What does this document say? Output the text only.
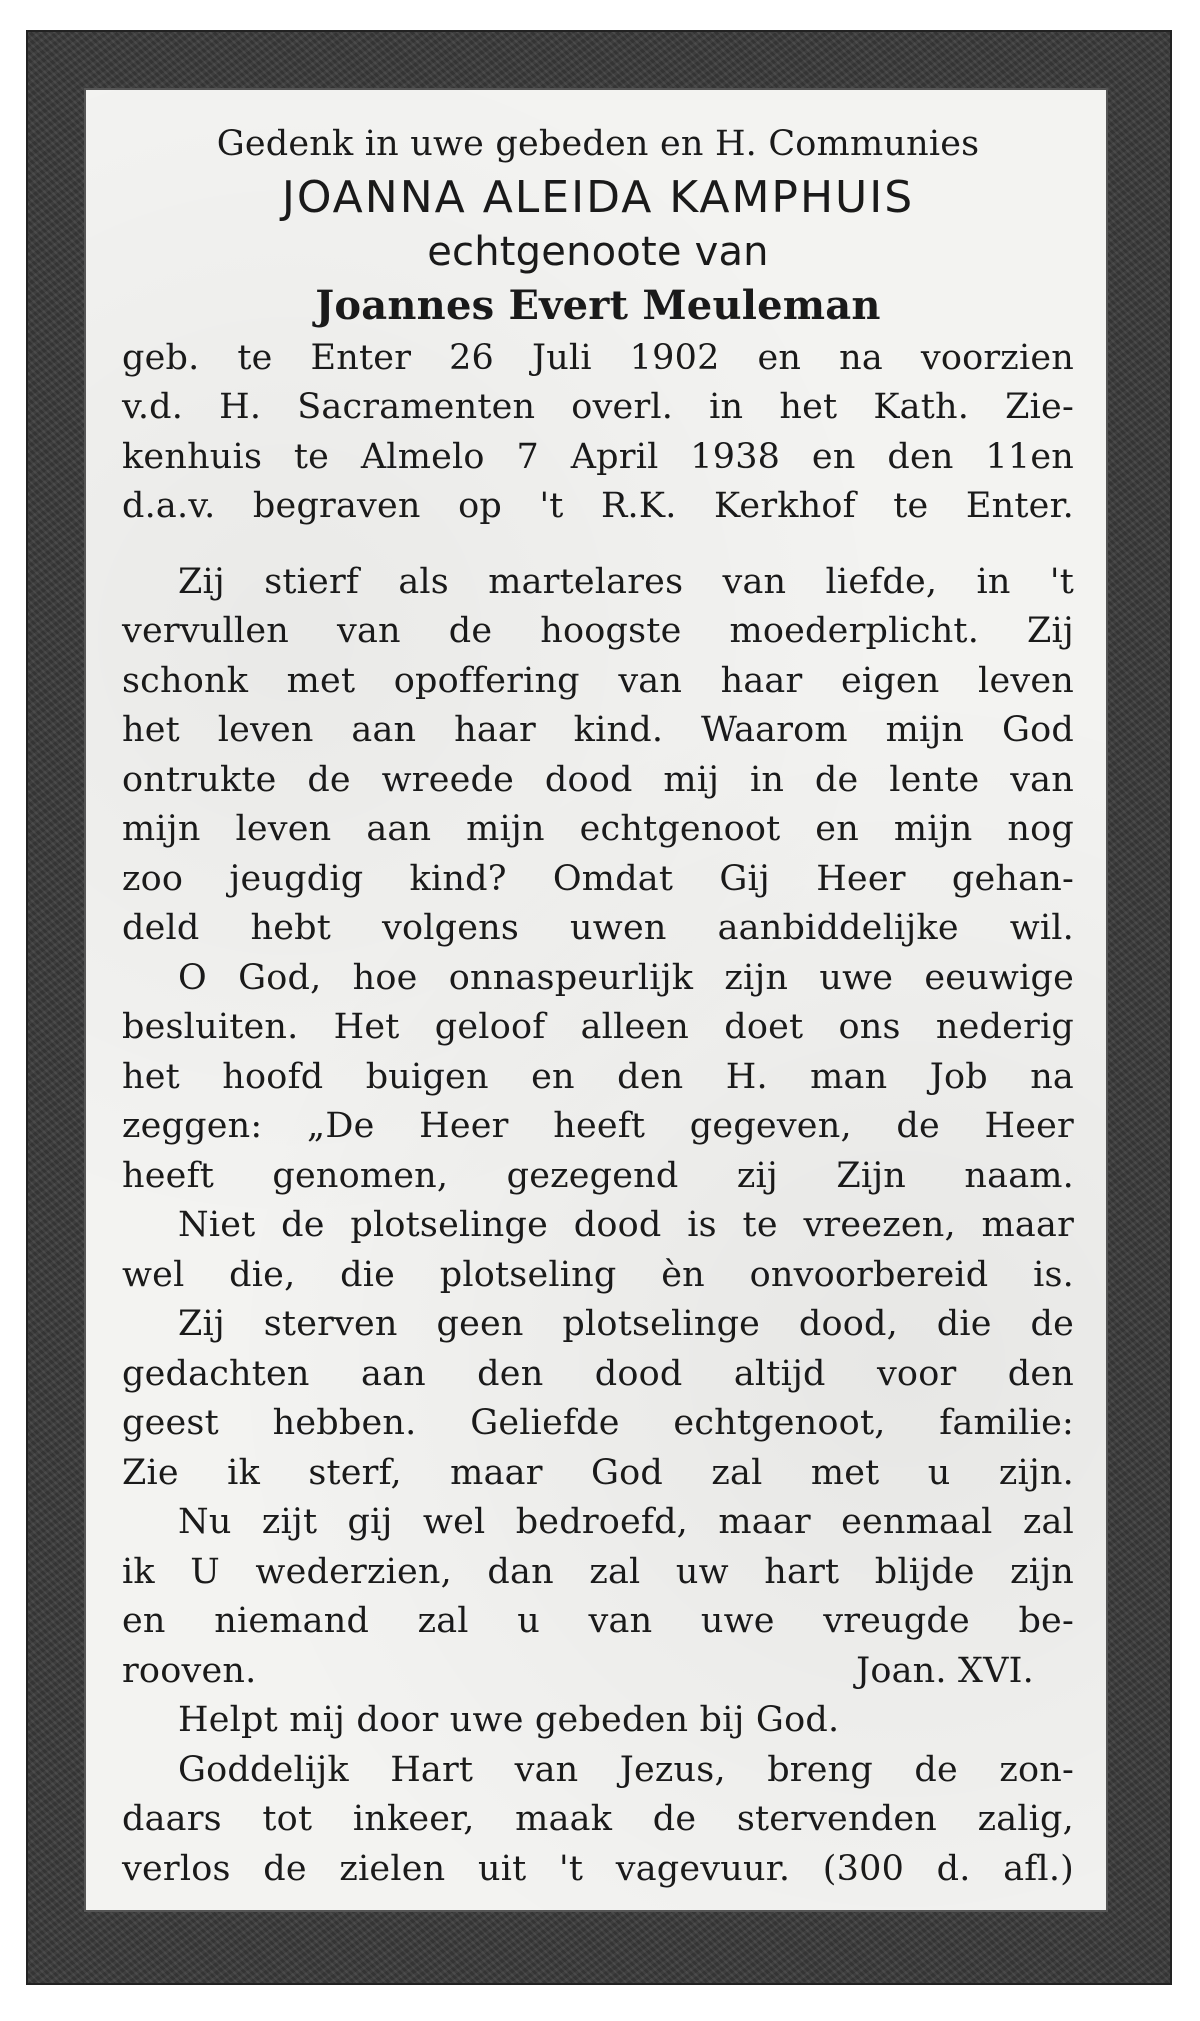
Gedenk in uwe gebeden en H. Communies
JOANNA ALEIDA KAMPHUIS
echtgenoote van
Joannes Evert Meuleman
geb. te Enter 26 Juli 1902 en na voorzien
v.d. H. Sacramenten overl. in het Kath. Zie-
kenhuis te Almelo 7 April 1938 en den 11en
d.a.v. begraven op 't R.K. Kerkhof te Enter.
Zij stierf als martelares van liefde, in 't
vervullen van de hoogste moederplicht. Zij
schonk met opoffering van haar eigen leven
het leven aan haar kind. Waarom mijn God
ontrukte de wreede dood mij in de lente van
mijn leven aan mijn echtgenoot en mijn nog
zoo jeugdig kind? Omdat Gij Heer gehan-
deld hebt volgens uwen aanbiddelijke wil.
O God, hoe onnaspeurlijk zijn uwe eeuwige
besluiten. Het geloof alleen doet ons nederig
het hoofd buigen en den H. man Job na
zeggen: „De Heer heeft gegeven, de Heer
heeft genomen, gezegend zij Zijn naam.
Niet de plotselinge dood is te vreezen, maar
wel die, die plotseling èn onvoorbereid is.
Zij sterven geen plotselinge dood, die de
gedachten aan den dood altijd voor den
geest hebben. Geliefde echtgenoot, familie:
Zie ik sterf, maar God zal met u zijn.
Nu zijt gij wel bedroefd, maar eenmaal zal
ik U wederzien, dan zal uw hart blijde zijn
en niemand zal u van uwe vreugde be-
rooven.	Joan. XVI.
Helpt mij door uwe gebeden bij God.
Goddelijk Hart van Jezus, breng de zon-
daars tot inkeer, maak de stervenden zalig,
verlos de zielen uit 't vagevuur. (300 d. afl.)
